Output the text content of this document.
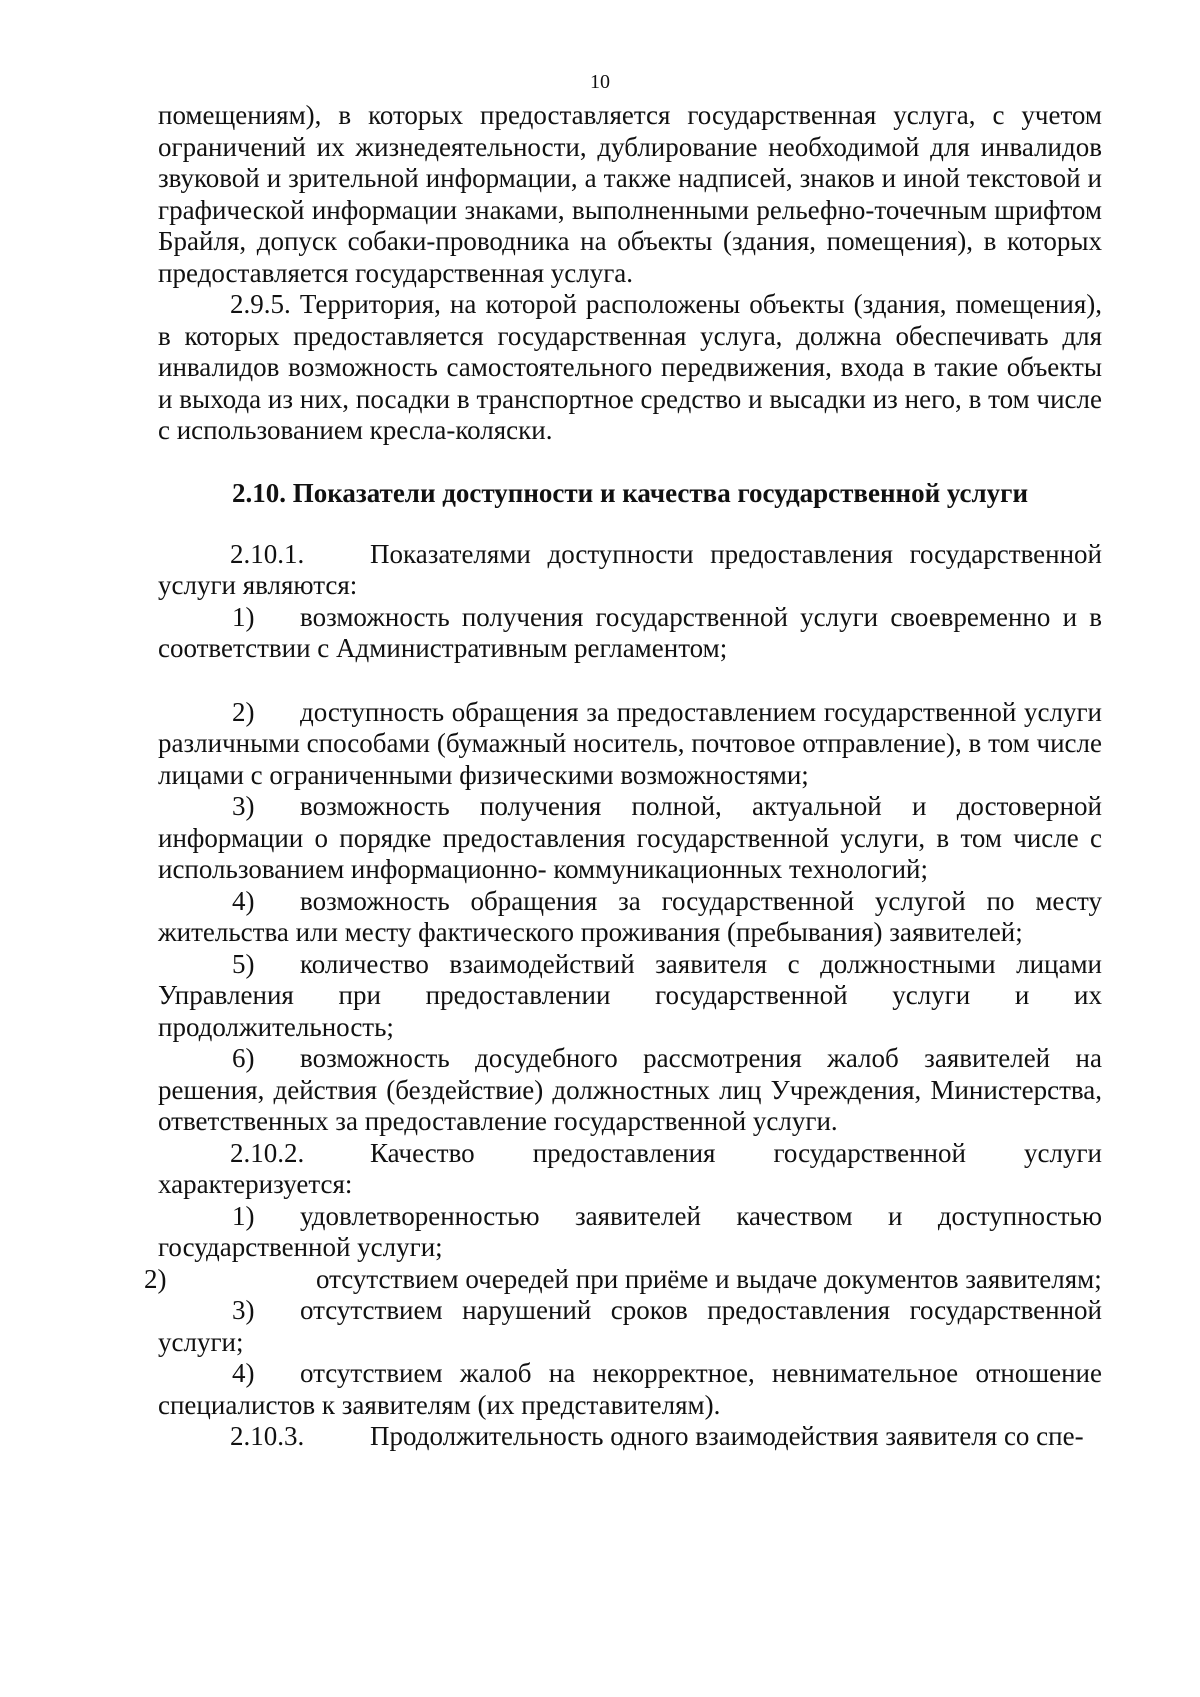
10

помещениям), в которых предоставляется государственная услуга, с учетом ограничений их жизнедеятельности, дублирование необходимой для инвалидов звуковой и зрительной информации, а также надписей, знаков и иной текстовой и графической информации знаками, выполненными рельефно-точечным шрифтом Брайля, допуск собаки-проводника на объекты (здания, помещения), в которых предоставляется государственная услуга.

2.9.5. Территория, на которой расположены объекты (здания, помещения), в которых предоставляется государственная услуга, должна обеспечивать для инвалидов возможность самостоятельного передвижения, входа в такие объекты и выхода из них, посадки в транспортное средство и высадки из него, в том числе с использованием кресла-коляски.

2.10. Показатели доступности и качества государственной услуги

2.10.1. Показателями доступности предоставления государственной услуги являются:

1) возможность получения государственной услуги своевременно и в соответствии с Административным регламентом;

2) доступность обращения за предоставлением государственной услуги различными способами (бумажный носитель, почтовое отправление), в том числе лицами с ограниченными физическими возможностями;

3) возможность получения полной, актуальной и достоверной информации о порядке предоставления государственной услуги, в том числе с использованием информационно- коммуникационных технологий;

4) возможность обращения за государственной услугой по месту жительства или месту фактического проживания (пребывания) заявителей;

5) количество взаимодействий заявителя с должностными лицами Управления при предоставлении государственной услуги и их продолжительность;

6) возможность досудебного рассмотрения жалоб заявителей на решения, действия (бездействие) должностных лиц Учреждения, Министерства, ответственных за предоставление государственной услуги.

2.10.2. Качество предоставления государственной услуги характеризуется:

1) удовлетворенностью заявителей качеством и доступностью государственной услуги;

2)	отсутствием очередей при приёме и выдаче документов заявителям;

3) отсутствием нарушений сроков предоставления государственной услуги;

4) отсутствием жалоб на некорректное, невнимательное отношение специалистов к заявителям (их представителям).

2.10.3. Продолжительность одного взаимодействия заявителя со спе-
